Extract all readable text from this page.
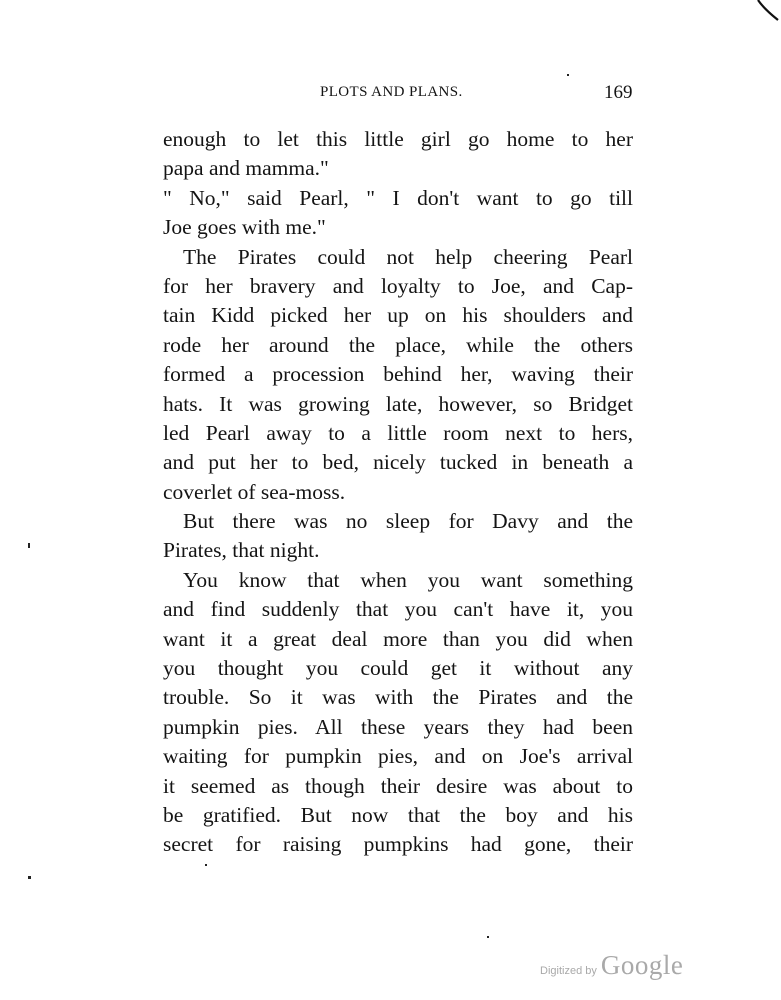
PLOTS AND PLANS.	169
enough to let this little girl go home to her
papa and mamma."
" No," said Pearl, " I don't want to go till
Joe goes with me."
The Pirates could not help cheering Pearl
for her bravery and loyalty to Joe, and Cap-
tain Kidd picked her up on his shoulders and
rode her around the place, while the others
formed a procession behind her, waving their
hats. It was growing late, however, so Bridget
led Pearl away to a little room next to hers,
and put her to bed, nicely tucked in beneath a
coverlet of sea-moss.
But there was no sleep for Davy and the
Pirates, that night.
You know that when you want something
and find suddenly that you can't have it, you
want it a great deal more than you did when
you thought you could get it without any
trouble. So it was with the Pirates and the
pumpkin pies. All these years they had been
waiting for pumpkin pies, and on Joe's arrival
it seemed as though their desire was about to
be gratified. But now that the boy and his
secret for raising pumpkins had gone, their
Digitized by Google
